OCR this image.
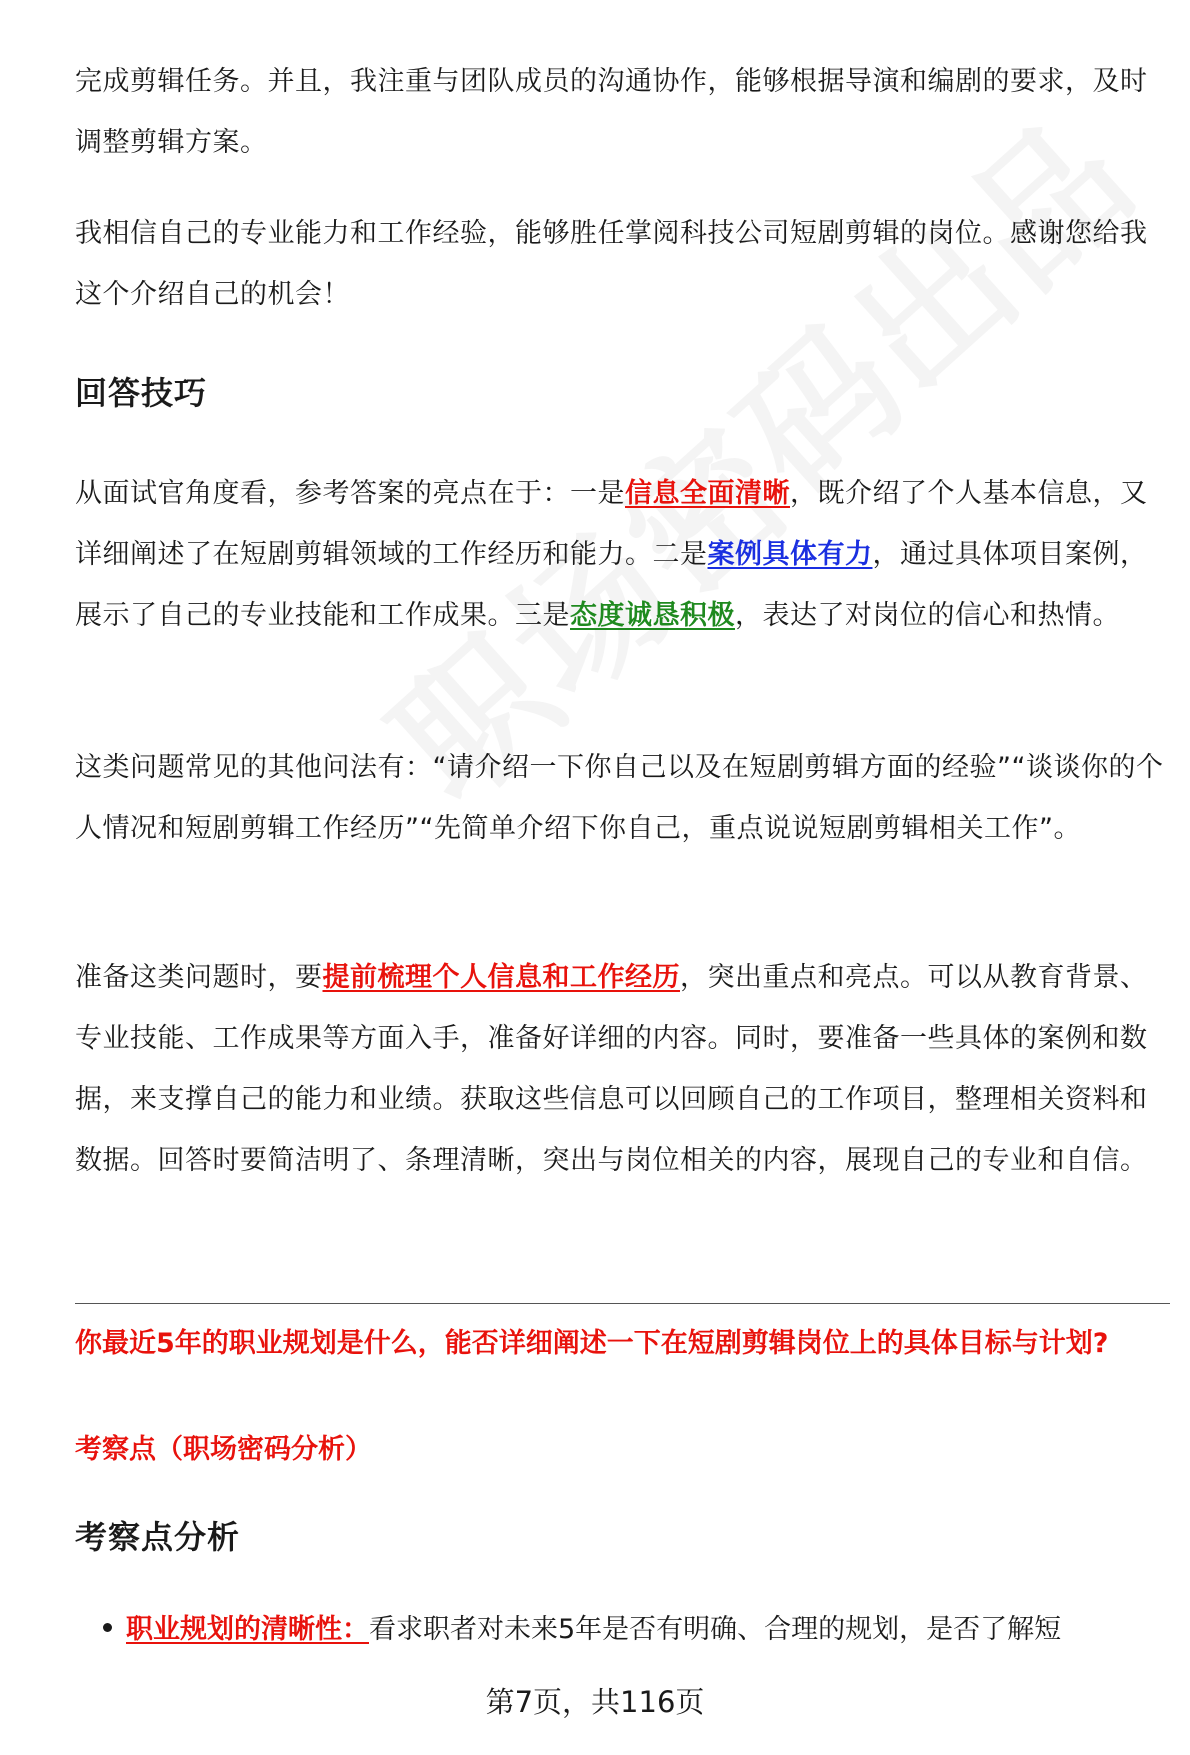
完成剪辑任务。并且，我注重与团队成员的沟通协作，能够根据导演和编剧的要求，及时调整剪辑方案。

我相信自己的专业能力和工作经验，能够胜任掌阅科技公司短剧剪辑的岗位。感谢您给我这个介绍自己的机会！

回答技巧

从面试官角度看，参考答案的亮点在于：一是信息全面清晰，既介绍了个人基本信息，又详细阐述了在短剧剪辑领域的工作经历和能力。二是案例具体有力，通过具体项目案例，展示了自己的专业技能和工作成果。三是态度诚恳积极，表达了对岗位的信心和热情。

这类问题常见的其他问法有：“请介绍一下你自己以及在短剧剪辑方面的经验”“谈谈你的个人情况和短剧剪辑工作经历”“先简单介绍下你自己，重点说说短剧剪辑相关工作”。

准备这类问题时，要提前梳理个人信息和工作经历，突出重点和亮点。可以从教育背景、专业技能、工作成果等方面入手，准备好详细的内容。同时，要准备一些具体的案例和数据，来支撑自己的能力和业绩。获取这些信息可以回顾自己的工作项目，整理相关资料和数据。回答时要简洁明了、条理清晰，突出与岗位相关的内容，展现自己的专业和自信。

你最近5年的职业规划是什么，能否详细阐述一下在短剧剪辑岗位上的具体目标与计划?

考察点（职场密码分析）

考察点分析
职业规划的清晰性：看求职者对未来5年是否有明确、合理的规划，是否了解短

第7页，共116页
